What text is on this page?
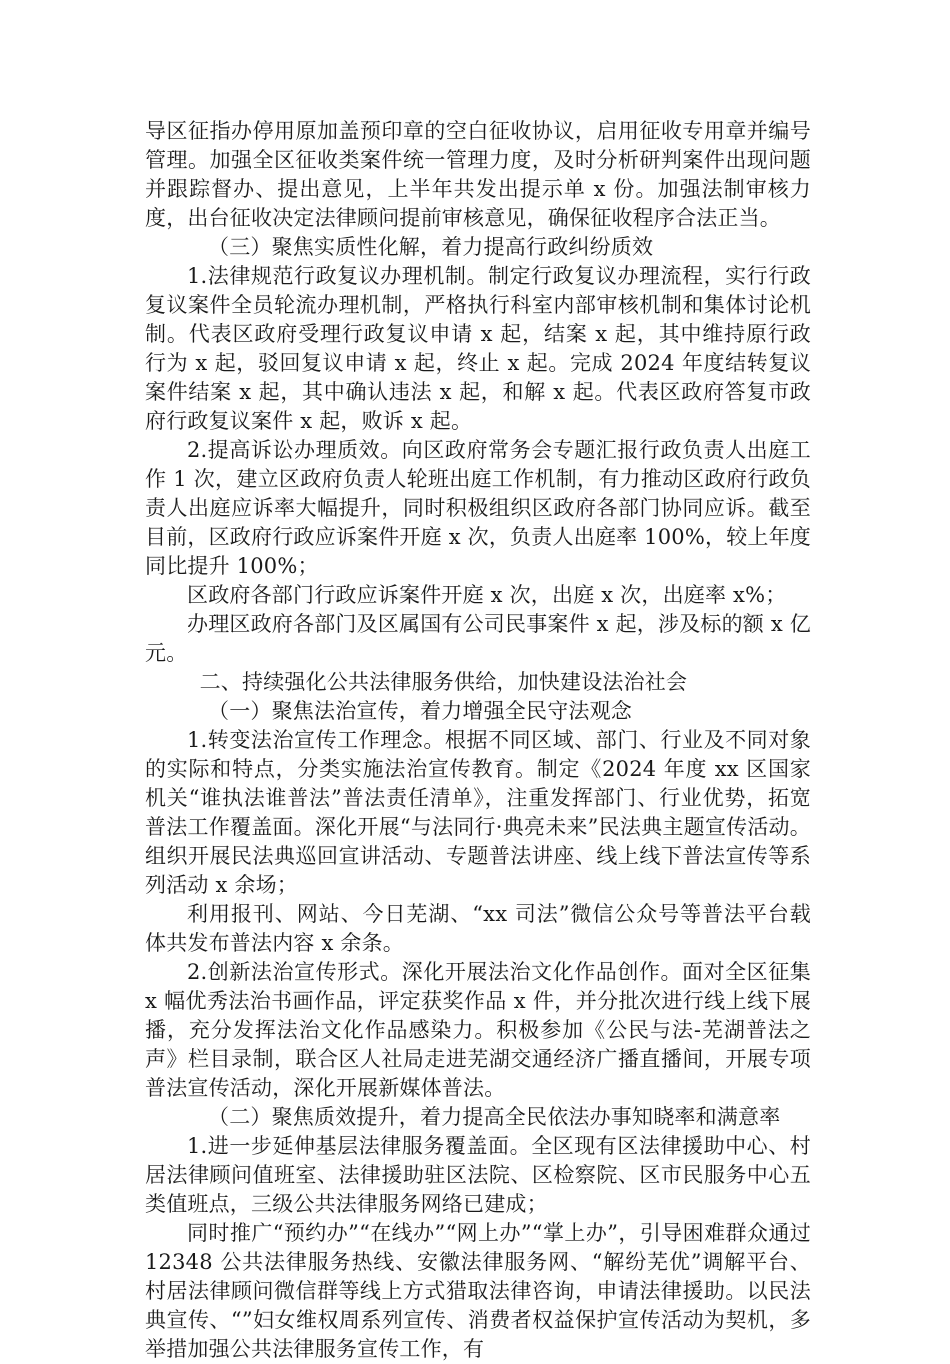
导区征指办停用原加盖预印章的空白征收协议，启用征收专用章并编号管理。加强全区征收类案件统一管理力度，及时分析研判案件出现问题并跟踪督办、提出意见，上半年共发出提示单 x 份。加强法制审核力度，出台征收决定法律顾问提前审核意见，确保征收程序合法正当。

（三）聚焦实质性化解，着力提高行政纠纷质效

1.法律规范行政复议办理机制。制定行政复议办理流程，实行行政复议案件全员轮流办理机制，严格执行科室内部审核机制和集体讨论机制。代表区政府受理行政复议申请 x 起，结案 x 起，其中维持原行政行为 x 起，驳回复议申请 x 起，终止 x 起。完成 2024 年度结转复议案件结案 x 起，其中确认违法 x 起，和解 x 起。代表区政府答复市政府行政复议案件 x 起，败诉 x 起。

2.提高诉讼办理质效。向区政府常务会专题汇报行政负责人出庭工作 1 次，建立区政府负责人轮班出庭工作机制，有力推动区政府行政负责人出庭应诉率大幅提升，同时积极组织区政府各部门协同应诉。截至目前，区政府行政应诉案件开庭 x 次，负责人出庭率 100%，较上年度同比提升 100%；

区政府各部门行政应诉案件开庭 x 次，出庭 x 次，出庭率 x%；

办理区政府各部门及区属国有公司民事案件 x 起，涉及标的额 x 亿元。

二、持续强化公共法律服务供给，加快建设法治社会

（一）聚焦法治宣传，着力增强全民守法观念

1.转变法治宣传工作理念。根据不同区域、部门、行业及不同对象的实际和特点，分类实施法治宣传教育。制定《2024 年度 xx 区国家机关“谁执法谁普法”普法责任清单》，注重发挥部门、行业优势，拓宽普法工作覆盖面。深化开展“与法同行·典亮未来”民法典主题宣传活动。组织开展民法典巡回宣讲活动、专题普法讲座、线上线下普法宣传等系列活动 x 余场；

利用报刊、网站、今日芜湖、“xx 司法”微信公众号等普法平台载体共发布普法内容 x 余条。

2.创新法治宣传形式。深化开展法治文化作品创作。面对全区征集 x 幅优秀法治书画作品，评定获奖作品 x 件，并分批次进行线上线下展播，充分发挥法治文化作品感染力。积极参加《公民与法-芜湖普法之声》栏目录制，联合区人社局走进芜湖交通经济广播直播间，开展专项普法宣传活动，深化开展新媒体普法。

（二）聚焦质效提升，着力提高全民依法办事知晓率和满意率

1.进一步延伸基层法律服务覆盖面。全区现有区法律援助中心、村居法律顾问值班室、法律援助驻区法院、区检察院、区市民服务中心五类值班点，三级公共法律服务网络已建成；

同时推广“预约办”“在线办”“网上办”“掌上办”，引导困难群众通过 12348 公共法律服务热线、安徽法律服务网、“解纷芜优”调解平台、村居法律顾问微信群等线上方式猎取法律咨询，申请法律援助。以民法典宣传、“”妇女维权周系列宣传、消费者权益保护宣传活动为契机，多举措加强公共法律服务宣传工作，有
